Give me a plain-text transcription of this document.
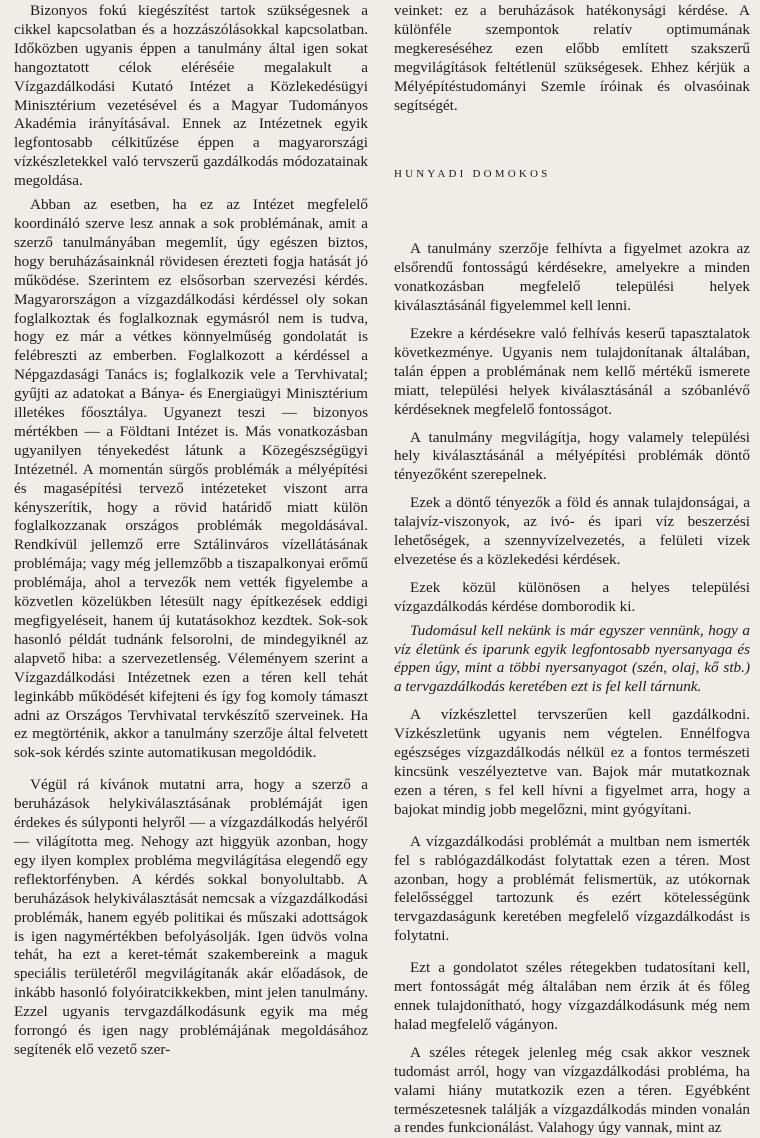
Bizonyos fokú kiegészítést tartok szükségesnek a cikkel kapcsolatban és a hozzászólásokkal kapcsolatban. Időközben ugyanis éppen a tanulmány által igen sokat hangoztatott célok eléréséie megalakult a Vízgazdálkodási Kutató Intézet a Közlekedésügyi Minisztérium vezetésével és a Magyar Tudományos Akadémia irányításával. Ennek az Intézetnek egyik legfontosabb célkitűzése éppen a magyarországi vízkészletekkel való tervszerű gazdálkodás módozatainak megoldása.

Abban az esetben, ha ez az Intézet megfelelő koordináló szerve lesz annak a sok problémának, amit a szerző tanulmányában megemlít, úgy egészen biztos, hogy beruházásainknál rövidesen érezteti fogja hatását jó működése. Szerintem ez elsősorban szervezési kérdés. Magyarországon a vízgazdálkodási kérdéssel oly sokan foglalkoztak és foglalkoznak egymásról nem is tudva, hogy ez már a vétkes könnyelműség gondolatát is felébreszti az emberben. Foglalkozott a kérdéssel a Népgazdasági Tanács is; foglalkozik vele a Tervhivatal; gyűjti az adatokat a Bánya- és Energiaügyi Minisztérium illetékes főosztálya. Ugyanezt teszi — bizonyos mértékben — a Földtani Intézet is. Más vonatkozásban ugyanilyen tényekedést látunk a Közegészségügyi Intézetnél. A momentán sürgős problémák a mélyépítési és magasépítési tervező intézeteket viszont arra kényszerítik, hogy a rövid határidő miatt külön foglalkozzanak országos problémák megoldásával. Rendkívül jellemző erre Sztálinváros vízellátásának problémája; vagy még jellemzőbb a tiszapalkonyai erőmű problémája, ahol a tervezők nem vették figyelembe a közvetlen közelükben létesült nagy építkezések eddigi megfigyeléseit, hanem új kutatásokhoz kezdtek. Sok-sok hasonló példát tudnánk felsorolni, de mindegyiknél az alapvető hiba: a szervezetlenség. Véleményem szerint a Vízgazdálkodási Intézetnek ezen a téren kell tehát leginkább működését kifejteni és így fog komoly támaszt adni az Országos Tervhivatal tervkészítő szerveinek. Ha ez megtörténik, akkor a tanulmány szerzője által felvetett sok-sok kérdés szinte automatikusan megoldódik.

Végül rá kívánok mutatni arra, hogy a szerző a beruházások helykiválasztásának problémáját igen érdekes és súlyponti helyről — a vízgazdálkodás helyéről — világította meg. Nehogy azt higgyük azonban, hogy egy ilyen komplex probléma megvilágítása elegendő egy reflektorfényben. A kérdés sokkal bonyolultabb. A beruházások helykiválasztását nemcsak a vízgazdálkodási problémák, hanem egyéb politikai és műszaki adottságok is igen nagymértékben befolyásolják. Igen üdvös volna tehát, ha ezt a keret-témát szakembereink a maguk speciális területéről megvilágítanák akár előadások, de inkább hasonló folyóiratcikkekben, mint jelen tanulmány. Ezzel ugyanis tervgazdálkodásunk egyik ma még forrongó és igen nagy problémájának megoldásához segítenék elő vezető szer-

veinket: ez a beruházások hatékonysági kérdése. A különféle szempontok relatív optimumának megkereséséhez ezen előbb említett szakszerű megvilágítások feltétlenül szükségesek. Ehhez kérjük a Mélyépítéstudományi Szemle íróinak és olvasóinak segítségét.

HUNYADI DOMOKOS

A tanulmány szerzője felhívta a figyelmet azokra az elsőrendű fontosságú kérdésekre, amelyekre a minden vonatkozásban megfelelő települési helyek kiválasztásánál figyelemmel kell lenni.

Ezekre a kérdésekre való felhívás keserű tapasztalatok következménye. Ugyanis nem tulajdonítanak általában, talán éppen a problémának nem kellő mértékű ismerete miatt, települési helyek kiválasztásánál a szóbanlévő kérdéseknek megfelelő fontosságot.

A tanulmány megvilágítja, hogy valamely települési hely kiválasztásánál a mélyépítési problémák döntő tényezőként szerepelnek.

Ezek a döntő tényezők a föld és annak tulajdonságai, a talajvíz-viszonyok, az ivó- és ipari víz beszerzési lehetőségek, a szennyvízelvezetés, a felületi vizek elvezetése és a közlekedési kérdések.

Ezek közül különösen a helyes települési vízgazdálkodás kérdése domborodik ki.

Tudomásul kell nekünk is már egyszer vennünk, hogy a víz életünk és iparunk egyik legfontosabb nyersanyaga és éppen úgy, mint a többi nyersanyagot (szén, olaj, kő stb.) a tervgazdálkodás keretében ezt is fel kell tárnunk.

A vízkészlettel tervszerűen kell gazdálkodni. Vízkészletünk ugyanis nem végtelen. Ennélfogva egészséges vízgazdálkodás nélkül ez a fontos természeti kincsünk veszélyeztetve van. Bajok már mutatkoznak ezen a téren, s fel kell hívni a figyelmet arra, hogy a bajokat mindig jobb megelőzni, mint gyógyítani.

A vízgazdálkodási problémát a multban nem ismerték fel s rablógazdálkodást folytattak ezen a téren. Most azonban, hogy a problémát felismertük, az utókornak felelősséggel tartozunk és ezért kötelességünk tervgazdaságunk keretében megfelelő vízgazdálkodást is folytatni.

Ezt a gondolatot széles rétegekben tudatosítani kell, mert fontosságát még általában nem érzik át és főleg ennek tulajdonítható, hogy vízgazdálkodásunk még nem halad megfelelő vágányon.

A széles rétegek jelenleg még csak akkor vesznek tudomást arról, hogy van vízgazdálkodási probléma, ha valami hiány mutatkozik ezen a téren. Egyébként természetesnek találják a vízgazdálkodás minden vonalán a rendes funkcionálást. Valahogy úgy vannak, mint az
